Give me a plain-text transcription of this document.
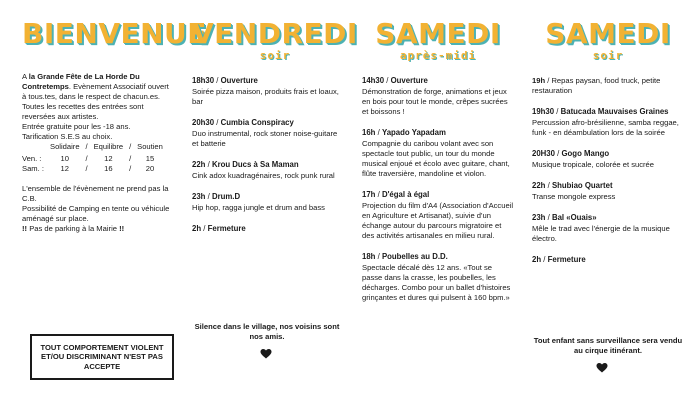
BIENVENUE

A la Grande Fête de La Horde Du Contretemps. Evènement Associatif ouvert à tous.tes, dans le respect de chacun.es.

Toutes les recettes des entrées sont reversées aux artistes.

Entrée gratuite pour les -18 ans.

Tarification S.E.S au choix.

	Solidaire	/	Equilibre	/	Soutien
Ven. :	10	/	12	/	15
Sam. :	12	/	16	/	20

L'ensemble de l'évènement ne prend pas la C.B.

Possibilité de Camping en tente ou véhicule aménagé sur place.

!! Pas de parking à la Mairie !!

TOUT COMPORTEMENT VIOLENT ET/OU DISCRIMINANT N'EST PAS ACCEPTE
VENDREDI
soir
18h30 / Ouverture
Soirée pizza maison, produits frais et loaux, bar
20h30 / Cumbia Conspiracy
Duo instrumental, rock stoner noise-guitare et batterie
22h / Krou Ducs à Sa Maman
Cink adox kuadragénaires, rock punk rural
23h / Drum.D
Hip hop, ragga jungle et drum and bass
2h / Fermeture
Silence dans le village, nos voisins sont nos amis.
SAMEDI
après-midi
14h30 / Ouverture
Démonstration de forge, animations et jeux en bois pour tout le monde, crêpes sucrées et boissons !
16h / Yapado Yapadam
Compagnie du caribou volant avec son spectacle tout public, un tour du monde musical enjoué et écolo avec guitare, chant, flûte traversière, mandoline et violon.
17h / D'égal à égal
Projection du film d'A4 (Association d'Accueil en Agriculture et Artisanat), suivie d'un échange autour du parcours migratoire et des activités artisanales en milieu rural.
18h / Poubelles au D.D.
Spectacle décalé dès 12 ans. «Tout se passe dans la crasse, les poubelles, les décharges. Combo pour un ballet d'histoires grinçantes et dures qui pulsent à 160 bpm.»
SAMEDI
soir
19h / Repas paysan, food truck, petite restauration
19h30 / Batucada Mauvaises Graines
Percussion afro-brésilienne, samba reggae, funk - en déambulation lors de la soirée
20H30 / Gogo Mango
Musique tropicale, colorée et sucrée
22h / Shubiao Quartet
Transe mongole express
23h / Bal «Ouais»
Mêle le trad avec l'énergie de la musique électro.
2h / Fermeture
Tout enfant sans surveillance sera vendu au cirque itinérant.
